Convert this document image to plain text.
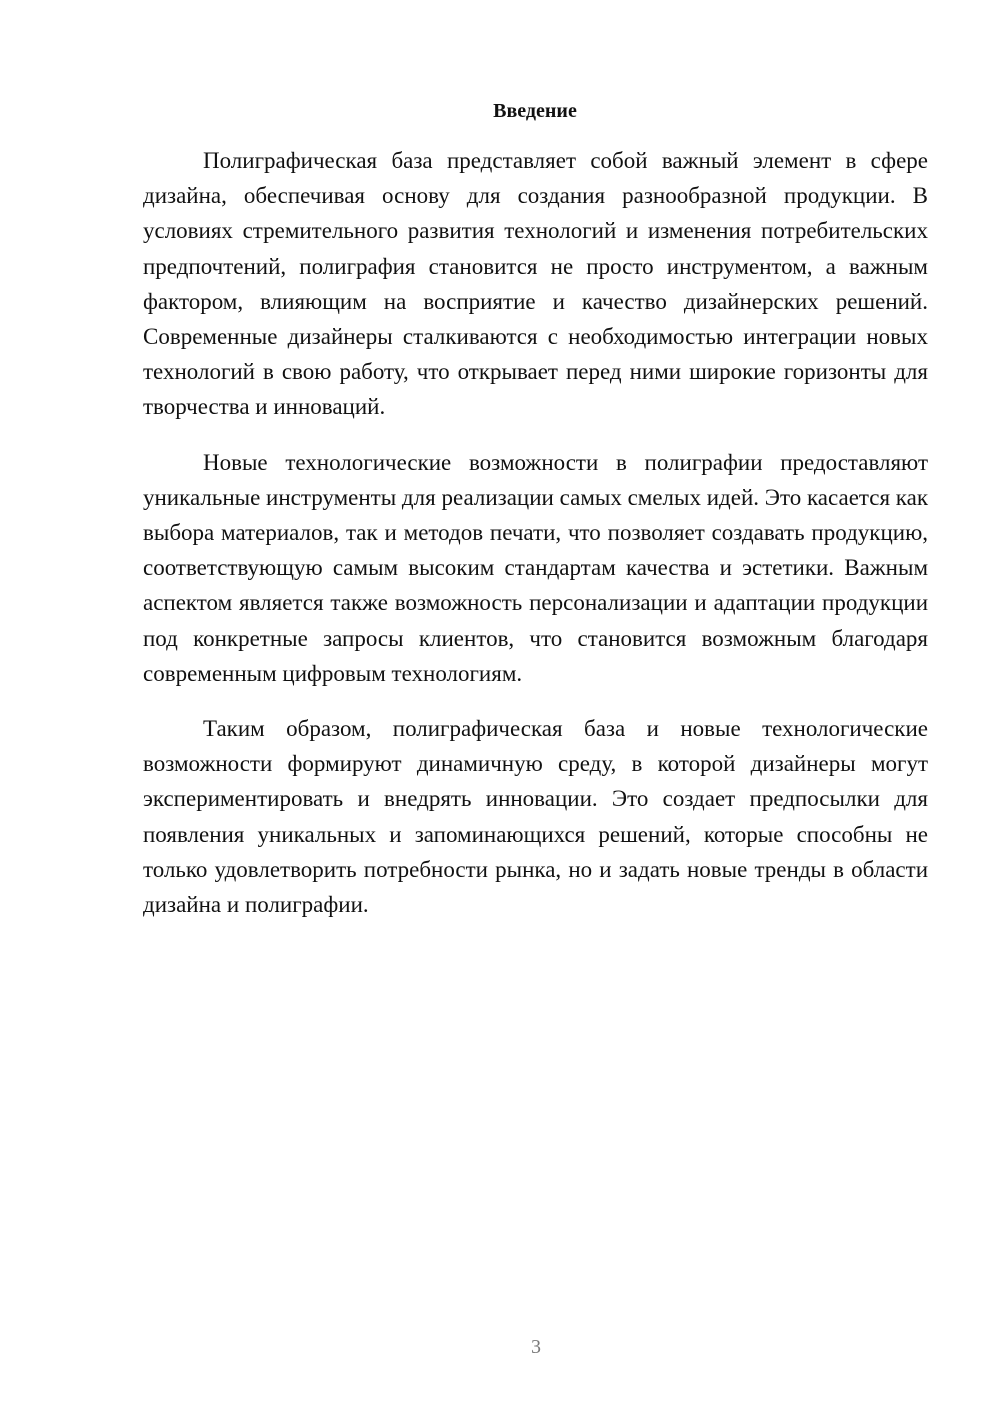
Введение

Полиграфическая база представляет собой важный элемент в сфере дизайна, обеспечивая основу для создания разнообразной продукции. В условиях стремительного развития технологий и изменения потребительских предпочтений, полиграфия становится не просто инструментом, а важным фактором, влияющим на восприятие и качество дизайнерских решений. Современные дизайнеры сталкиваются с необходимостью интеграции новых технологий в свою работу, что открывает перед ними широкие горизонты для творчества и инноваций.

Новые технологические возможности в полиграфии предоставляют уникальные инструменты для реализации самых смелых идей. Это касается как выбора материалов, так и методов печати, что позволяет создавать продукцию, соответствующую самым высоким стандартам качества и эстетики. Важным аспектом является также возможность персонализации и адаптации продукции под конкретные запросы клиентов, что становится возможным благодаря современным цифровым технологиям.

Таким образом, полиграфическая база и новые технологические возможности формируют динамичную среду, в которой дизайнеры могут экспериментировать и внедрять инновации. Это создает предпосылки для появления уникальных и запоминающихся решений, которые способны не только удовлетворить потребности рынка, но и задать новые тренды в области дизайна и полиграфии.

3
